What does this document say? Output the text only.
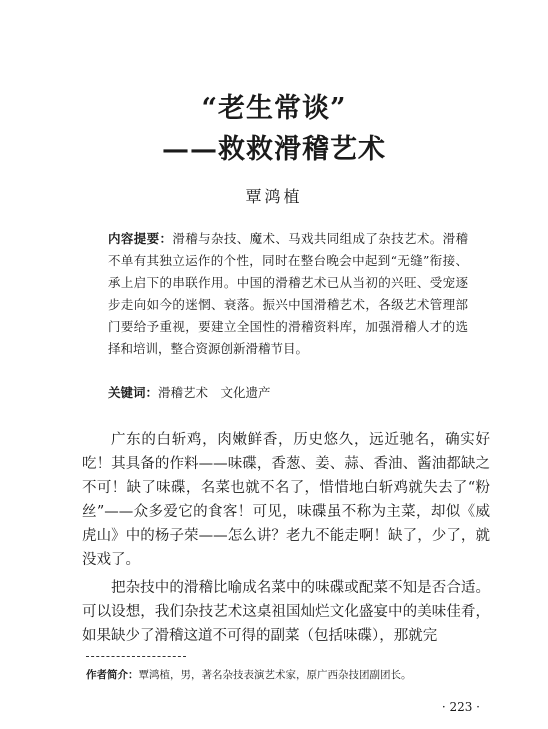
“老生常谈”
——救救滑稽艺术
覃鸿植

内容提要：滑稽与杂技、魔术、马戏共同组成了杂技艺术。滑稽不单有其独立运作的个性，同时在整台晚会中起到“无缝”衔接、承上启下的串联作用。中国的滑稽艺术已从当初的兴旺、受宠逐步走向如今的迷惘、衰落。振兴中国滑稽艺术，各级艺术管理部门要给予重视，要建立全国性的滑稽资料库，加强滑稽人才的选择和培训，整合资源创新滑稽节目。

关键词：滑稽艺术　文化遗产

广东的白斩鸡，肉嫩鲜香，历史悠久，远近驰名，确实好吃！其具备的作料——味碟，香葱、姜、蒜、香油、酱油都缺之不可！缺了味碟，名菜也就不名了，惜惜地白斩鸡就失去了“粉丝”——众多爱它的食客！可见，味碟虽不称为主菜，却似《威虎山》中的杨子荣——怎么讲？老九不能走啊！缺了，少了，就没戏了。

把杂技中的滑稽比喻成名菜中的味碟或配菜不知是否合适。可以设想，我们杂技艺术这桌祖国灿烂文化盛宴中的美味佳肴，如果缺少了滑稽这道不可得的副菜（包括味碟），那就完

作者简介：覃鸿植，男，著名杂技表演艺术家，原广西杂技团副团长。

· 223 ·
